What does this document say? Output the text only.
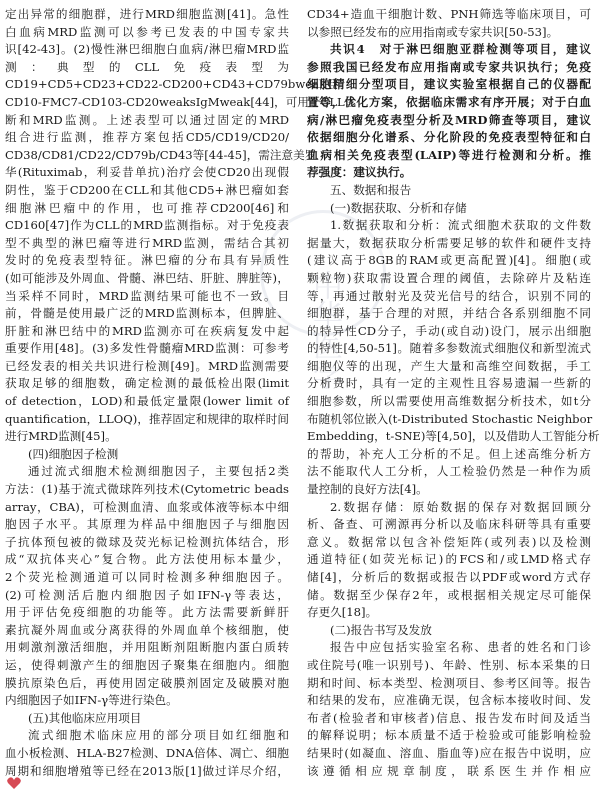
中华医学
定出异常的细胞群，进行MRD细胞监测[41]。急性
白血病MRD监测可以参考已发表的中国专家共
识[42-43]。(2)慢性淋巴细胞白血病/淋巴瘤MRD监
测：典型的CLL免疫表型为
CD19+CD5+CD23+CD22-CD200+CD43+CD79bweak且
CD10-FMC7-CD103-CD20weaksIgMweak[44]，可用于CLL诊
断和MRD监测。上述表型可以通过固定的MRD
组合进行监测，推荐方案包括CD5/CD19/CD20/
CD38/CD81/CD22/CD79b/CD43等[44-45]，需注意美罗
华(Rituximab，利妥昔单抗)治疗会使CD20出现假
阴性，鉴于CD200在CLL和其他CD5+淋巴瘤如套
细胞淋巴瘤中的作用，也可推荐CD200[46]和
CD160[47]作为CLL的MRD监测指标。对于免疫表
型不典型的淋巴瘤等进行MRD监测，需结合其初
发时的免疫表型特征。淋巴瘤的分布具有异质性
(如可能涉及外周血、骨髓、淋巴结、肝脏、脾脏等)，
当采样不同时，MRD监测结果可能也不一致。目
前，骨髓是使用最广泛的MRD监测标本，但脾脏、
肝脏和淋巴结中的MRD监测亦可在疾病复发中起
重要作用[48]。(3)多发性骨髓瘤MRD监测：可参考
已经发表的相关共识进行检测[49]。MRD监测需要
获取足够的细胞数，确定检测的最低检出限(limit
of detection，LOD)和最低定量限(lower limit of
quantification，LLOQ)，推荐固定和规律的取样时间
进行MRD监测[45]。
(四)细胞因子检测
通过流式细胞术检测细胞因子，主要包括2类
方法：(1)基于流式微球阵列技术(Cytometric beads
array，CBA)，可检测血清、血浆或体液等标本中细
胞因子水平。其原理为样品中细胞因子与细胞因
子抗体预包被的微球及荧光标记检测抗体结合，形
成“双抗体夹心”复合物。此方法使用标本量少，
2个荧光检测通道可以同时检测多种细胞因子。
(2)可检测活后胞内细胞因子如IFN-γ等表达，
用于评估免疫细胞的功能等。此方法需要新鲜肝
素抗凝外周血或分离获得的外周血单个核细胞，使
用刺激剂激活细胞，并用阻断剂阻断胞内蛋白质转
运，使得刺激产生的细胞因子聚集在细胞内。细胞
膜抗原染色后，再使用固定破膜剂固定及破膜对胞
内细胞因子如IFN-γ等进行染色。
(五)其他临床应用项目
流式细胞术临床应用的部分项目如红细胞和
血小板检测、HLA-B27检测、DNA倍体、凋亡、细胞
周期和细胞增殖等已经在2013版[1]做过详尽介绍，
CD34+造血干细胞计数、PNH筛选等临床项目，可
以参照已经发布的应用指南或专家共识[50-53]。
共识4　对于淋巴细胞亚群检测等项目，建议
参照我国已经发布应用指南或专家共识执行；免疫
细胞精细分型项目，建议实验室根据自己的仪器配
置等，优化方案，依据临床需求有序开展；对于白血
病/淋巴瘤免疫表型分析及MRD筛查等项目，建议
依据细胞分化谱系、分化阶段的免疫表型特征和白
血病相关免疫表型(LAIP)等进行检测和分析。推
荐强度：建议执行。
五、数据和报告
(一)数据获取、分析和存储
1.数据获取和分析：流式细胞术获取的文件数
据量大，数据获取分析需要足够的软件和硬件支持
(建议高于8GB的RAM或更高配置)[4]。细胞(或
颗粒物)获取需设置合理的阈值，去除碎片及粘连
等，再通过散射光及荧光信号的结合，识别不同的
细胞群，基于合理的对照，并结合各系别细胞不同
的特异性CD分子，手动(或自动)设门，展示出细胞
的特性[4,50-51]。随着多参数流式细胞仪和新型流式
细胞仪等的出现，产生大量和高维空间数据，手工
分析费时，具有一定的主观性且容易遗漏一些新的
细胞参数，所以需要使用高维数据分析技术，如t分
布随机邻位嵌入(t-Distributed Stochastic Neighbor
Embedding，t-SNE)等[4,50]，以及借助人工智能分析
的帮助，补充人工分析的不足。但上述高维分析方
法不能取代人工分析，人工检验仍然是一种作为质
量控制的良好方法[4]。
2.数据存储：原始数据的保存对数据回顾分
析、备查、可溯源再分析以及临床科研等具有重要
意义。数据常以包含补偿矩阵(或列表)以及检测
通道特征(如荧光标记)的FCS和/或LMD格式存
储[4]，分析后的数据或报告以PDF或word方式存
储。数据至少保存2年，或根据相关规定尽可能保
存更久[18]。
(二)报告书写及发放
报告中应包括实验室名称、患者的姓名和门诊
或住院号(唯一识别号)、年龄、性别、标本采集的日
期和时间、标本类型、检测项目、参考区间等。报告
和结果的发布，应准确无误，包含标本接收时间、发
布者(检验者和审核者)信息、报告发布时间及适当
的解释说明；标本质量不适于检验或可能影响检验
结果时(如凝血、溶血、脂血等)应在报告中说明，应
该遵循相应规章制度，联系医生并作相应
